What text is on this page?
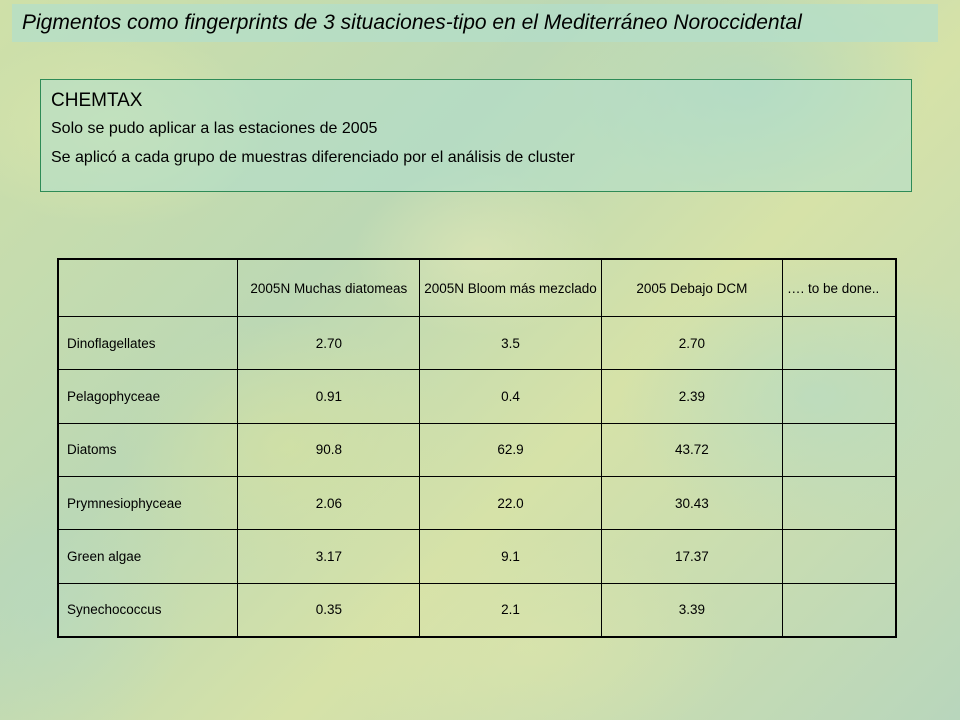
Pigmentos como fingerprints de 3 situaciones-tipo en el Mediterráneo Noroccidental
CHEMTAX
Solo se pudo aplicar a las estaciones de 2005
Se aplicó a cada grupo de muestras diferenciado por el análisis de cluster
	2005N Muchas diatomeas	2005N Bloom más mezclado	2005 Debajo DCM	…. to be done..
Dinoflagellates	2.70	3.5	2.70	
Pelagophyceae	0.91	0.4	2.39	
Diatoms	90.8	62.9	43.72	
Prymnesiophyceae	2.06	22.0	30.43	
Green algae	3.17	9.1	17.37	
Synechococcus	0.35	2.1	3.39	
